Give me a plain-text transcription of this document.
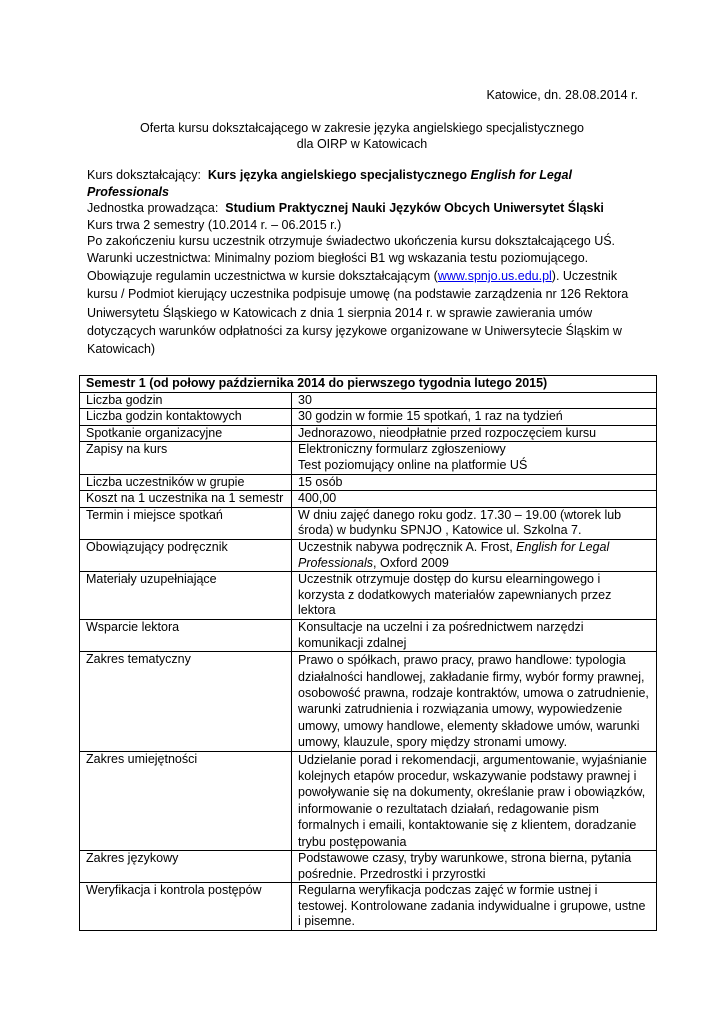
Katowice, dn. 28.08.2014 r.
Oferta kursu dokształcającego w zakresie języka angielskiego specjalistycznego
dla OIRP w Katowicach
Kurs dokształcający: Kurs języka angielskiego specjalistycznego English for Legal Professionals
Jednostka prowadząca: Studium Praktycznej Nauki Języków Obcych Uniwersytet Śląski
Kurs trwa 2 semestry (10.2014 r. – 06.2015 r.)
Po zakończeniu kursu uczestnik otrzymuje świadectwo ukończenia kursu dokształcającego UŚ.
Warunki uczestnictwa: Minimalny poziom biegłości B1 wg wskazania testu poziomującego.
Obowiązuje regulamin uczestnictwa w kursie dokształcającym (www.spnjo.us.edu.pl). Uczestnik
kursu / Podmiot kierujący uczestnika podpisuje umowę (na podstawie zarządzenia nr 126 Rektora
Uniwersytetu Śląskiego w Katowicach z dnia 1 sierpnia 2014 r. w sprawie zawierania umów
dotyczących warunków odpłatności za kursy językowe organizowane w Uniwersytecie Śląskim w
Katowicach)
Semestr 1 (od połowy października 2014 do pierwszego tygodnia lutego 2015)	
Liczba godzin	30
Liczba godzin kontaktowych	30 godzin w formie 15 spotkań, 1 raz na tydzień
Spotkanie organizacyjne	Jednorazowo, nieodpłatnie przed rozpoczęciem kursu
Zapisy na kurs	Elektroniczny formularz zgłoszeniowy
Test poziomujący online na platformie UŚ

Liczba uczestników w grupie	15 osób
Koszt na 1 uczestnika na 1 semestr	400,00
Termin i miejsce spotkań	W dniu zajęć danego roku godz. 17.30 – 19.00 (wtorek lub środa) w budynku SPNJO , Katowice ul. Szkolna 7.
Obowiązujący podręcznik	Uczestnik nabywa podręcznik A. Frost, English for Legal Professionals, Oxford 2009
Materiały uzupełniające	Uczestnik otrzymuje dostęp do kursu elearningowego i korzysta z dodatkowych materiałów zapewnianych przez lektora
Wsparcie lektora	Konsultacje na uczelni i za pośrednictwem narzędzi komunikacji zdalnej
Zakres tematyczny	Prawo o spółkach, prawo pracy, prawo handlowe: typologia działalności handlowej, zakładanie firmy, wybór formy prawnej, osobowość prawna, rodzaje kontraktów, umowa o zatrudnienie, warunki zatrudnienia i rozwiązania umowy, wypowiedzenie umowy, umowy handlowe, elementy składowe umów, warunki umowy, klauzule, spory między stronami umowy.
Zakres umiejętności	Udzielanie porad i rekomendacji, argumentowanie, wyjaśnianie kolejnych etapów procedur, wskazywanie podstawy prawnej i powoływanie się na dokumenty, określanie praw i obowiązków, informowanie o rezultatach działań, redagowanie pism formalnych i emaili, kontaktowanie się z klientem, doradzanie trybu postępowania
Zakres językowy	Podstawowe czasy, tryby warunkowe, strona bierna, pytania pośrednie. Przedrostki i przyrostki
Weryfikacja i kontrola postępów	Regularna weryfikacja podczas zajęć w formie ustnej i testowej. Kontrolowane zadania indywidualne i grupowe, ustne i pisemne.
